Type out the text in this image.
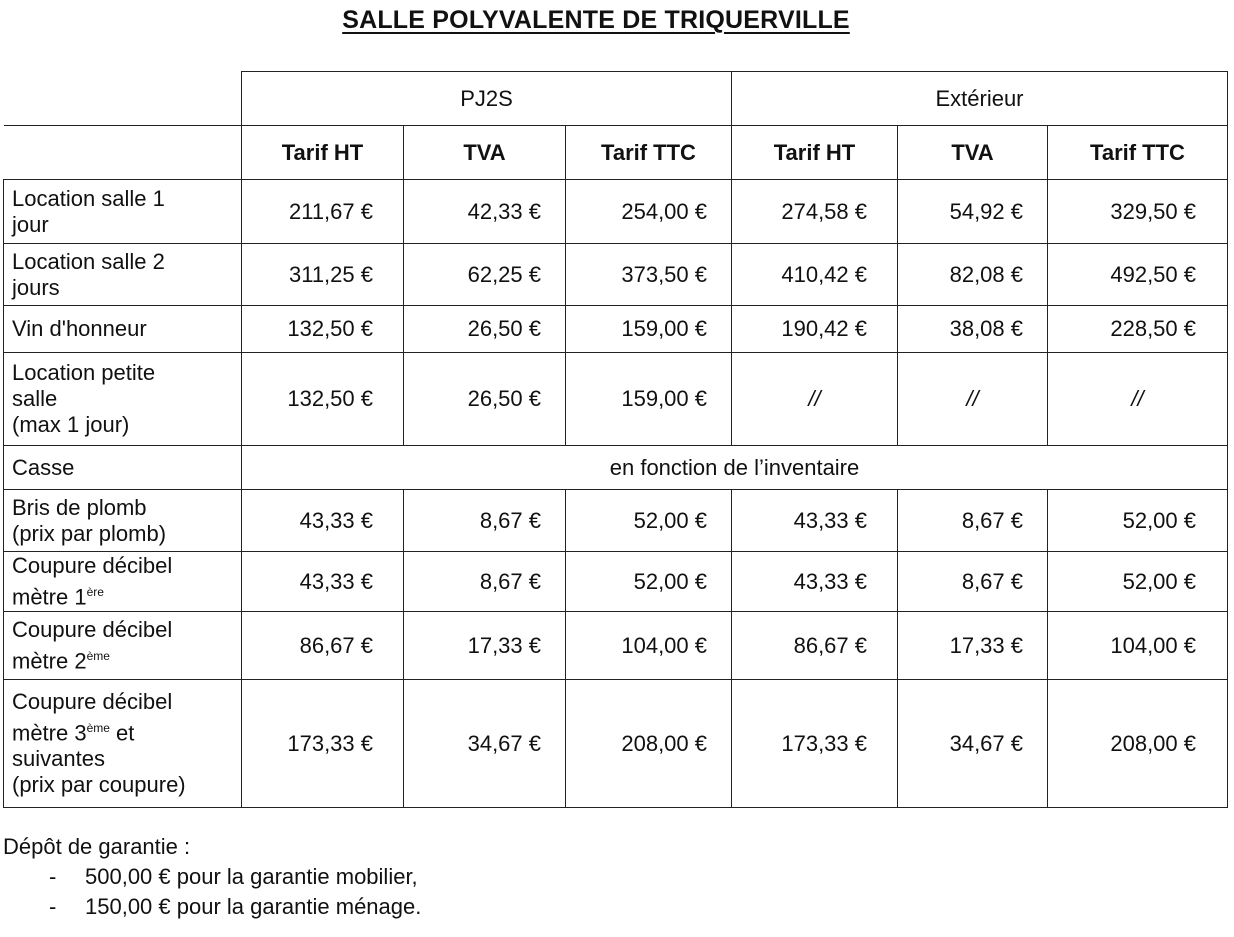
SALLE POLYVALENTE DE TRIQUERVILLE
	PJ2S			Extérieur		
	Tarif HT	TVA	Tarif TTC	Tarif HT	TVA	Tarif TTC
Location salle 1
jour	211,67 €	42,33 €	254,00 €	274,58 €	54,92 €	329,50 €
Location salle 2
jours	311,25 €	62,25 €	373,50 €	410,42 €	82,08 €	492,50 €
Vin d'honneur	132,50 €	26,50 €	159,00 €	190,42 €	38,08 €	228,50 €
Location petite
salle
(max 1 jour)	132,50 €	26,50 €	159,00 €	//	//	//
Casse	en fonction de l’inventaire					
Bris de plomb
(prix par plomb)	43,33 €	8,67 €	52,00 €	43,33 €	8,67 €	52,00 €
Coupure décibel
mètre 1ère	43,33 €	8,67 €	52,00 €	43,33 €	8,67 €	52,00 €
Coupure décibel
mètre 2ème	86,67 €	17,33 €	104,00 €	86,67 €	17,33 €	104,00 €
Coupure décibel
mètre 3ème et
suivantes
(prix par coupure)	173,33 €	34,67 €	208,00 €	173,33 €	34,67 €	208,00 €
Dépôt de garantie :
- 500,00 € pour la garantie mobilier,
- 150,00 € pour la garantie ménage.
